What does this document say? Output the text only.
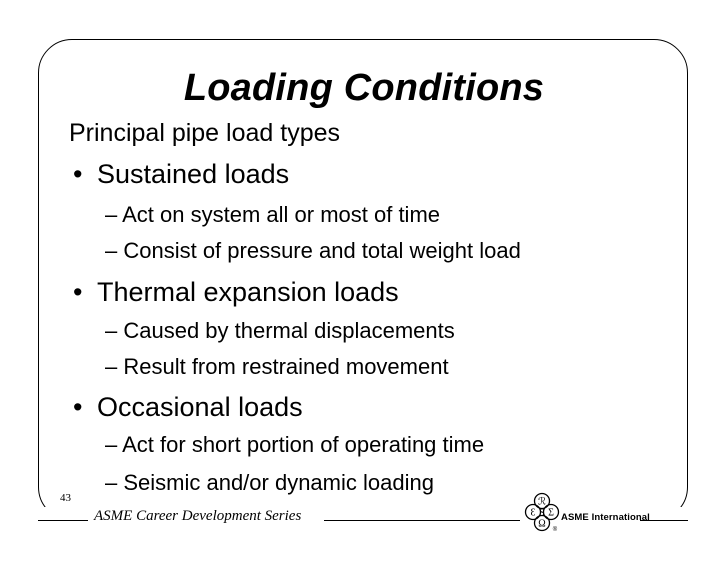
Loading Conditions
Principal pipe load types
• Sustained loads
– Act on system all or most of time
– Consist of pressure and total weight load
• Thermal expansion loads
– Caused by thermal displacements
– Result from restrained movement
• Occasional loads
– Act for short portion of operating time
– Seismic and/or dynamic loading
43
ASME Career Development Series
ℛ
Ɛ S Σ
Ω
®
ASME International
